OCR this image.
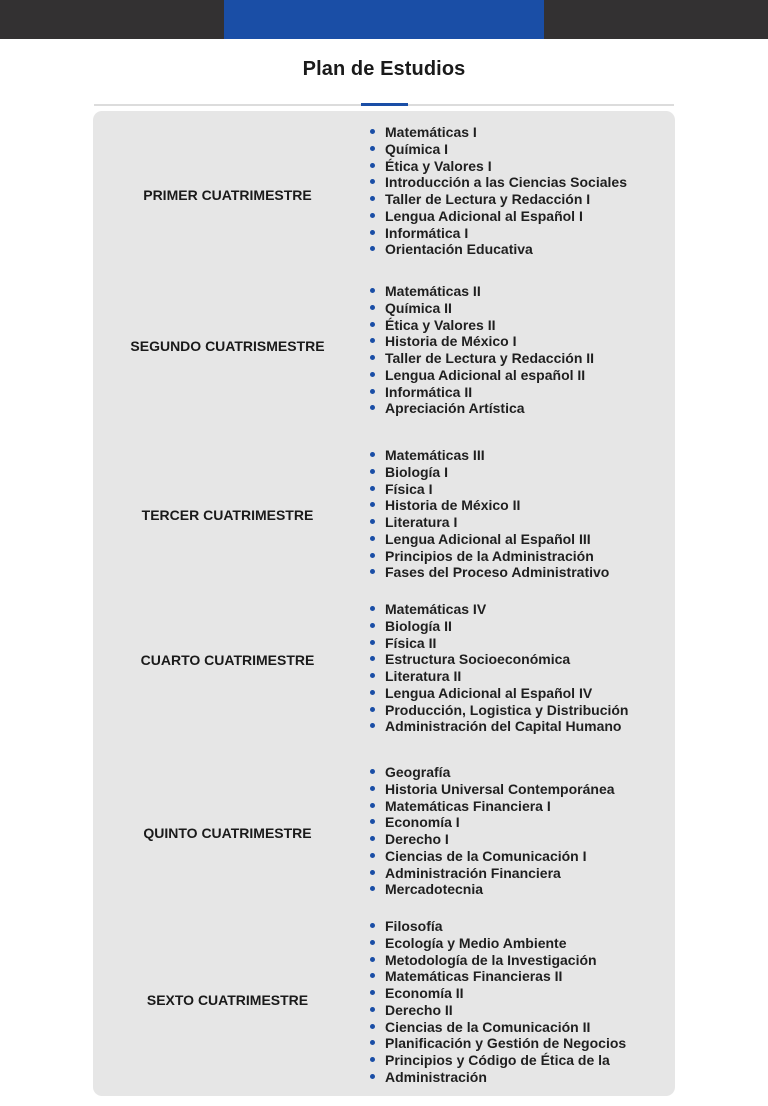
Plan de Estudios
PRIMER CUATRIMESTRE
Matemáticas I
Química I
Ética y Valores I
Introducción a las Ciencias Sociales
Taller de Lectura y Redacción I
Lengua Adicional al Español I
Informática I
Orientación Educativa
SEGUNDO CUATRISMESTRE
Matemáticas II
Química II
Ética y Valores II
Historia de México I
Taller de Lectura y Redacción II
Lengua Adicional al español II
Informática II
Apreciación Artística
TERCER CUATRIMESTRE
Matemáticas III
Biología I
Física I
Historia de México II
Literatura I
Lengua Adicional al Español III
Principios de la Administración
Fases del Proceso Administrativo
CUARTO CUATRIMESTRE
Matemáticas IV
Biología II
Física II
Estructura Socioeconómica
Literatura II
Lengua Adicional al Español IV
Producción, Logistica y Distribución
Administración del Capital Humano
QUINTO CUATRIMESTRE
Geografía
Historia Universal Contemporánea
Matemáticas Financiera I
Economía I
Derecho I
Ciencias de la Comunicación I
Administración Financiera
Mercadotecnia
SEXTO CUATRIMESTRE
Filosofía
Ecología y Medio Ambiente
Metodología de la Investigación
Matemáticas Financieras II
Economía II
Derecho II
Ciencias de la Comunicación II
Planificación y Gestión de Negocios
Principios y Código de Ética de la
Administración
